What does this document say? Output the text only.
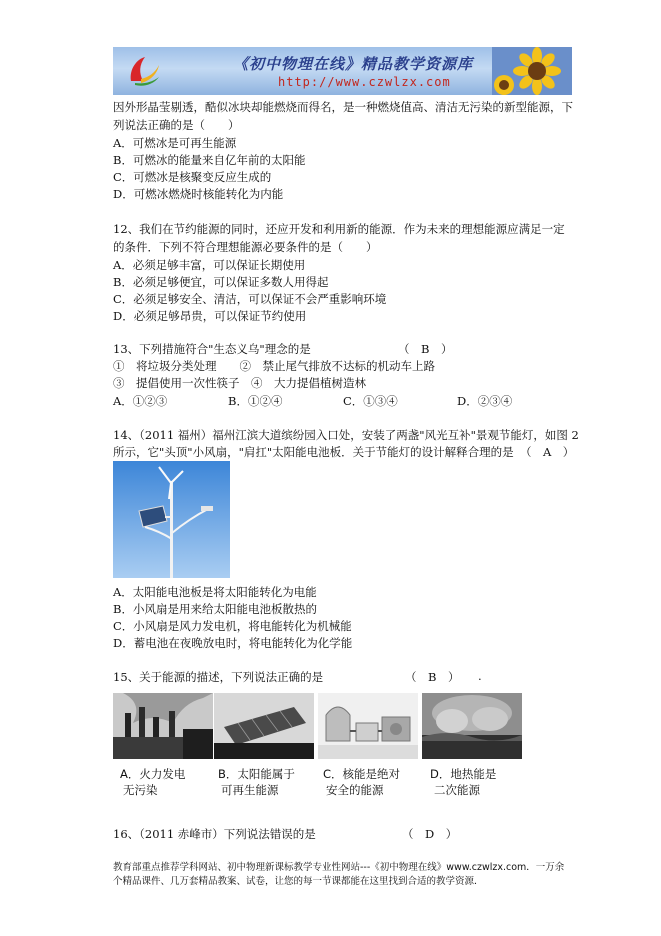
《初中物理在线》精品教学资源库
http://www.czwlzx.com
因外形晶莹剔透，酷似冰块却能燃烧而得名，是一种燃烧值高、清洁无污染的新型能源，下
列说法正确的是（　　）
A．可燃冰是可再生能源
B．可燃冰的能量来自亿年前的太阳能
C．可燃冰是核聚变反应生成的
D．可燃冰燃烧时核能转化为内能
12、我们在节约能源的同时，还应开发和利用新的能源．作为未来的理想能源应满足一定
的条件．下列不符合理想能源必要条件的是（　　）
A．必须足够丰富，可以保证长期使用
B．必须足够便宜，可以保证多数人用得起
C．必须足够安全、清洁，可以保证不会严重影响环境
D．必须足够昂贵，可以保证节约使用
13、下列措施符合"生态义乌"理念的是	（　B　）
①　将垃圾分类处理　　②　禁止尾气排放不达标的机动车上路
③　提倡使用一次性筷子　④　大力提倡植树造林
A．①②③	B．①②④	C．①③④	D．②③④
14、（2011 福州）福州江滨大道缤纷园入口处，安装了两盏"风光互补"景观节能灯，如图 2
所示，它"头顶"小风扇，"肩扛"太阳能电池板．关于节能灯的设计解释合理的是 （　A　）
A．太阳能电池板是将太阳能转化为电能
B．小风扇是用来给太阳能电池板散热的
C．小风扇是风力发电机，将电能转化为机械能
D．蓄电池在夜晚放电时，将电能转化为化学能
15、关于能源的描述，下列说法正确的是	（　B　） .
A．火力发电
无污染
B．太阳能属于
可再生能源
C．核能是绝对
安全的能源
D．地热能是
二次能源
16、（2011 赤峰市）下列说法错误的是	（　D　）
教育部重点推荐学科网站、初中物理新课标教学专业性网站---《初中物理在线》www.czwlzx.com．一万余
个精品课件、几万套精品教案、试卷，让您的每一节课都能在这里找到合适的教学资源．
